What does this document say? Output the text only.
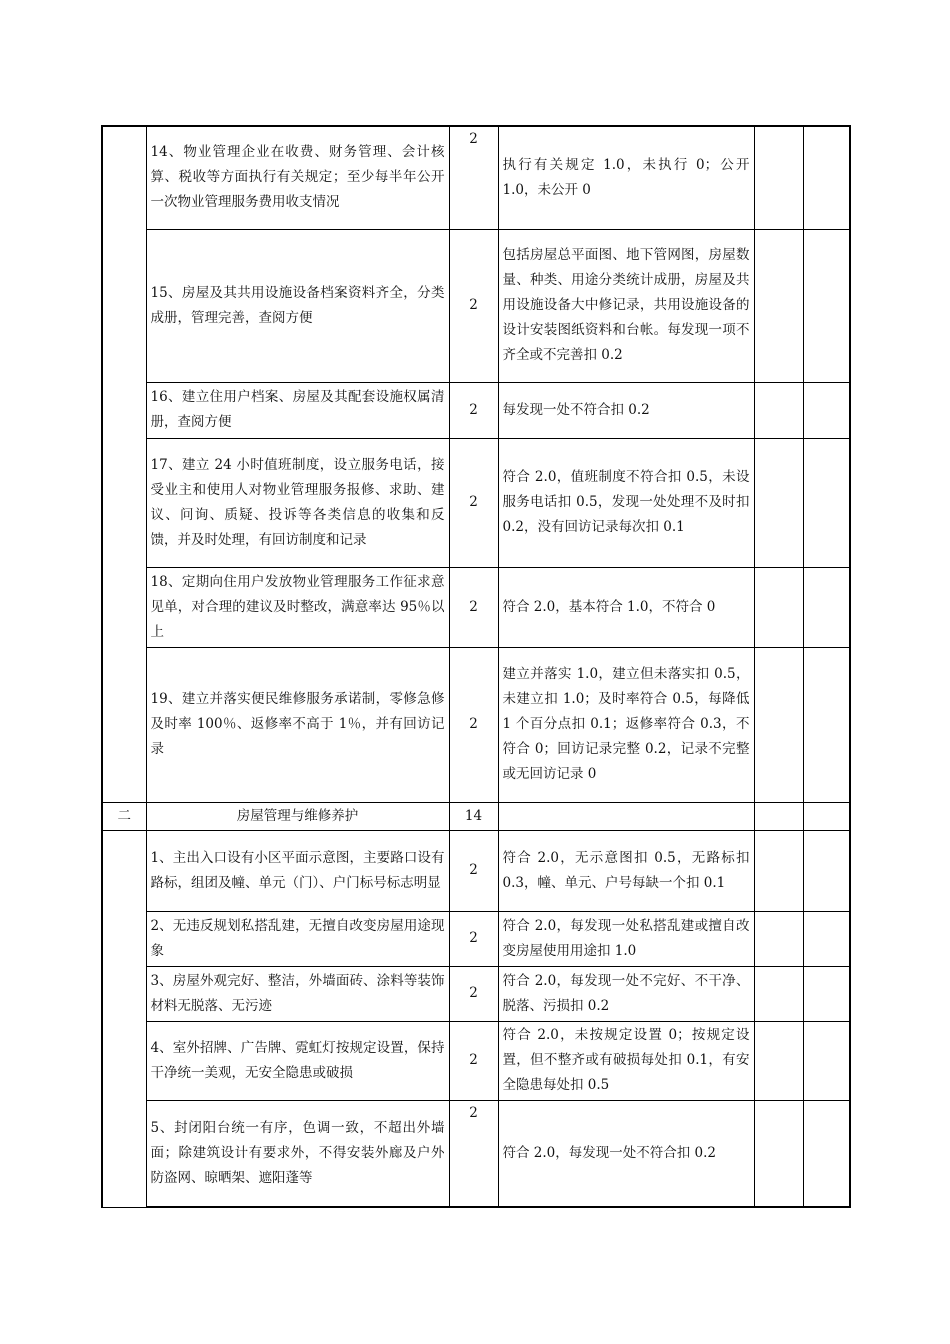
	14、物业管理企业在收费、财务管理、会计核算、税收等方面执行有关规定；至少每半年公开一次物业管理服务费用收支情况	2	执行有关规定 1.0，未执行 0；公开 1.0，未公开 0		
	15、房屋及其共用设施设备档案资料齐全，分类成册，管理完善，查阅方便	2	包括房屋总平面图、地下管网图，房屋数量、种类、用途分类统计成册，房屋及共用设施设备大中修记录，共用设施设备的设计安装图纸资料和台帐。每发现一项不齐全或不完善扣 0.2		
	16、建立住用户档案、房屋及其配套设施权属清册，查阅方便	2	每发现一处不符合扣 0.2		
	17、建立 24 小时值班制度，设立服务电话，接受业主和使用人对物业管理服务报修、求助、建议、问询、质疑、投诉等各类信息的收集和反馈，并及时处理，有回访制度和记录	2	符合 2.0，值班制度不符合扣 0.5，未设服务电话扣 0.5，发现一处处理不及时扣 0.2，没有回访记录每次扣 0.1		
	18、定期向住用户发放物业管理服务工作征求意见单，对合理的建议及时整改，满意率达 95％以上	2	符合 2.0，基本符合 1.0，不符合 0		
	19、建立并落实便民维修服务承诺制，零修急修及时率 100％、返修率不高于 1％，并有回访记录	2	建立并落实 1.0，建立但未落实扣 0.5，未建立扣 1.0；及时率符合 0.5，每降低 1 个百分点扣 0.1；返修率符合 0.3，不符合 0；回访记录完整 0.2，记录不完整或无回访记录 0		
二	房屋管理与维修养护	14			
	1、主出入口设有小区平面示意图，主要路口设有路标，组团及幢、单元（门）、户门标号标志明显	2	符合 2.0，无示意图扣 0.5，无路标扣 0.3，幢、单元、户号每缺一个扣 0.1		
	2、无违反规划私搭乱建，无擅自改变房屋用途现象	2	符合 2.0，每发现一处私搭乱建或擅自改变房屋使用用途扣 1.0		
	3、房屋外观完好、整洁，外墙面砖、涂料等装饰材料无脱落、无污迹	2	符合 2.0，每发现一处不完好、不干净、脱落、污损扣 0.2		
	4、室外招牌、广告牌、霓虹灯按规定设置，保持干净统一美观，无安全隐患或破损	2	符合 2.0，未按规定设置 0；按规定设置，但不整齐或有破损每处扣 0.1，有安全隐患每处扣 0.5		
	5、封闭阳台统一有序，色调一致，不超出外墙面；除建筑设计有要求外，不得安装外廊及户外防盗网、晾晒架、遮阳蓬等	2	符合 2.0，每发现一处不符合扣 0.2		
